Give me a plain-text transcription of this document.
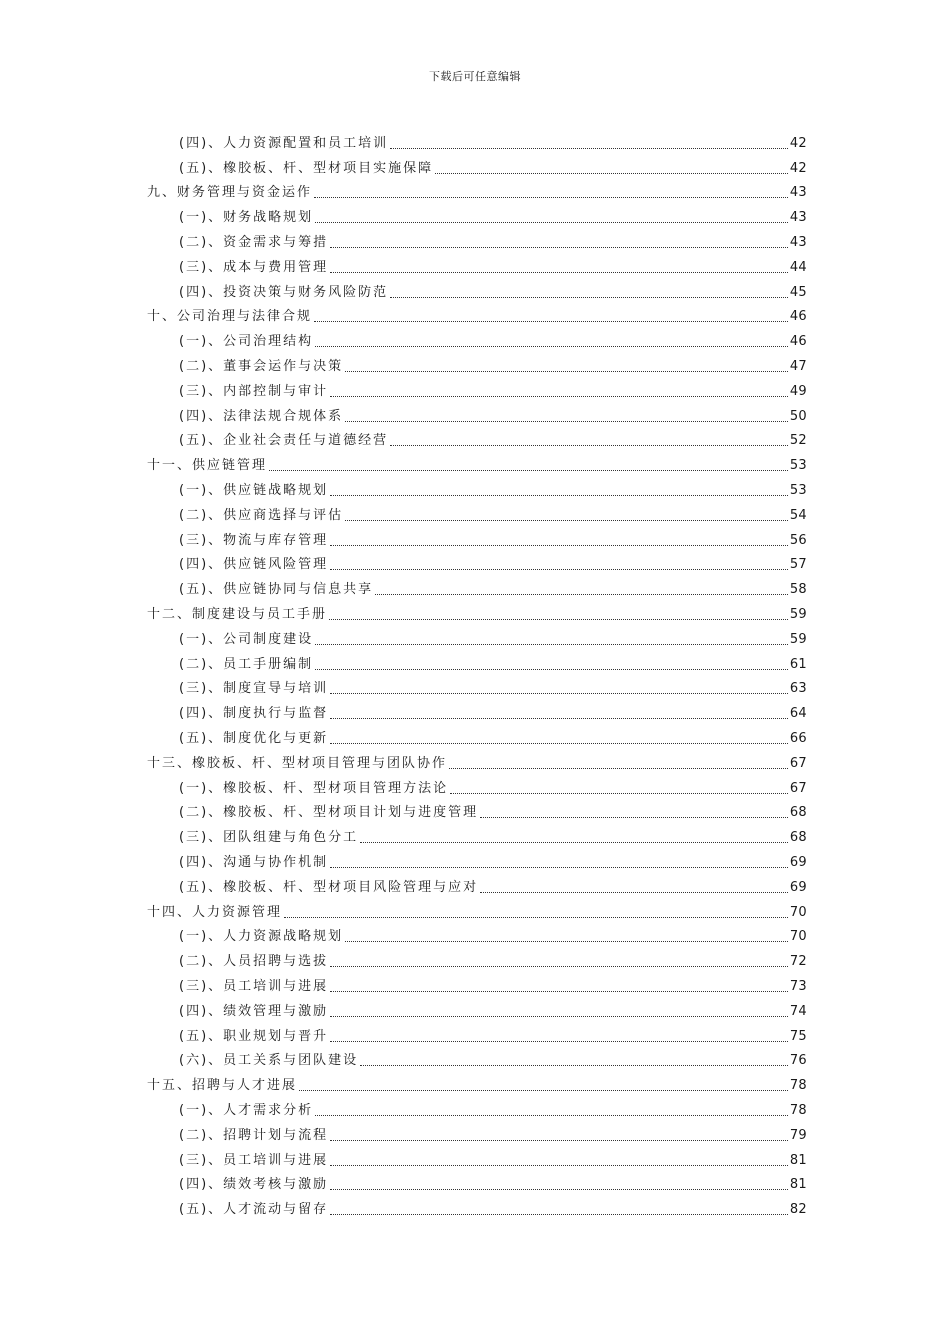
下载后可任意编辑
(四)、人力资源配置和员工培训	42
(五)、橡胶板、杆、型材项目实施保障	42
九、财务管理与资金运作	43
(一)、财务战略规划	43
(二)、资金需求与筹措	43
(三)、成本与费用管理	44
(四)、投资决策与财务风险防范	45
十、公司治理与法律合规	46
(一)、公司治理结构	46
(二)、董事会运作与决策	47
(三)、内部控制与审计	49
(四)、法律法规合规体系	50
(五)、企业社会责任与道德经营	52
十一、供应链管理	53
(一)、供应链战略规划	53
(二)、供应商选择与评估	54
(三)、物流与库存管理	56
(四)、供应链风险管理	57
(五)、供应链协同与信息共享	58
十二、制度建设与员工手册	59
(一)、公司制度建设	59
(二)、员工手册编制	61
(三)、制度宣导与培训	63
(四)、制度执行与监督	64
(五)、制度优化与更新	66
十三、橡胶板、杆、型材项目管理与团队协作	67
(一)、橡胶板、杆、型材项目管理方法论	67
(二)、橡胶板、杆、型材项目计划与进度管理	68
(三)、团队组建与角色分工	68
(四)、沟通与协作机制	69
(五)、橡胶板、杆、型材项目风险管理与应对	69
十四、人力资源管理	70
(一)、人力资源战略规划	70
(二)、人员招聘与选拔	72
(三)、员工培训与进展	73
(四)、绩效管理与激励	74
(五)、职业规划与晋升	75
(六)、员工关系与团队建设	76
十五、招聘与人才进展	78
(一)、人才需求分析	78
(二)、招聘计划与流程	79
(三)、员工培训与进展	81
(四)、绩效考核与激励	81
(五)、人才流动与留存	82
